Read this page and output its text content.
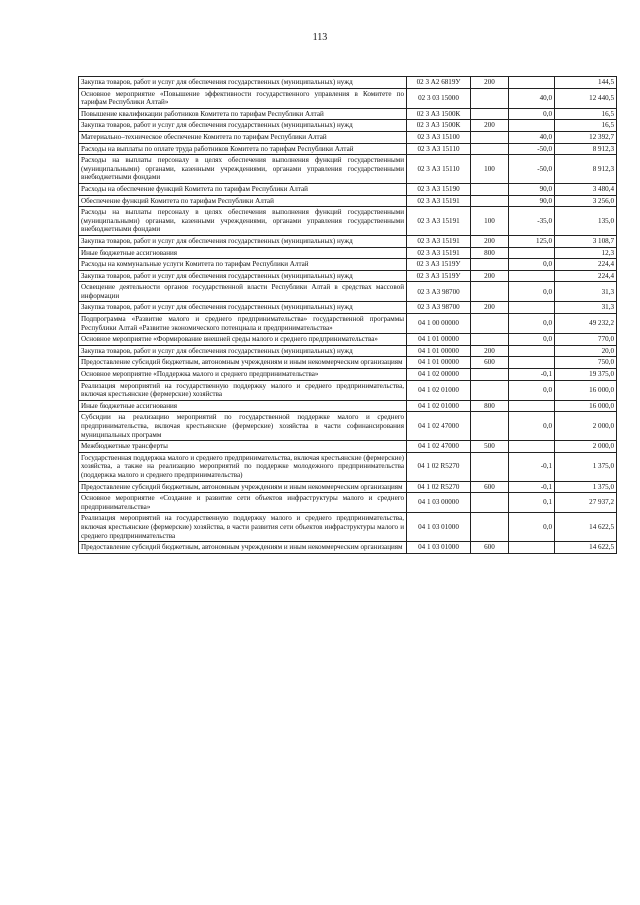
113
Закупка товаров, работ и услуг для обеспечения государственных (муниципальных) нужд	02 3 А2 6819У	200		144,5
Основное мероприятие «Повышение эффективности государственного управления в Комитете по тарифам Республики Алтай»	02 3 03 15000		40,0	12 440,5
Повышение квалификации работников Комитета по тарифам Республики Алтай	02 3 А3 1500К		0,0	16,5
Закупка товаров, работ и услуг для обеспечения государственных (муниципальных) нужд	02 3 А3 1500К	200		16,5
Материально–техническое обеспечение Комитета по тарифам Республики Алтай	02 3 А3 15100		40,0	12 392,7
Расходы на выплаты по оплате труда работников Комитета по тарифам Республики Алтай	02 3 А3 15110		-50,0	8 912,3
Расходы на выплаты персоналу в целях обеспечения выполнения функций государственными (муниципальными) органами, казенными учреждениями, органами управления государственными внебюджетными фондами	02 3 А3 15110	100	-50,0	8 912,3
Расходы на обеспечение функций Комитета по тарифам Республики Алтай	02 3 А3 15190		90,0	3 480,4
Обеспечение функций Комитета по тарифам Республики Алтай	02 3 А3 15191		90,0	3 256,0
Расходы на выплаты персоналу в целях обеспечения выполнения функций государственными (муниципальными) органами, казенными учреждениями, органами управления государственными внебюджетными фондами	02 3 А3 15191	100	-35,0	135,0
Закупка товаров, работ и услуг для обеспечения государственных (муниципальных) нужд	02 3 А3 15191	200	125,0	3 108,7
Иные бюджетные ассигнования	02 3 А3 15191	800		12,3
Расходы на коммунальные услуги Комитета по тарифам Республики Алтай	02 3 А3 1519У		0,0	224,4
Закупка товаров, работ и услуг для обеспечения государственных (муниципальных) нужд	02 3 А3 1519У	200		224,4
Освещение деятельности органов государственной власти Республики Алтай в средствах массовой информации	02 3 А3 98700		0,0	31,3
Закупка товаров, работ и услуг для обеспечения государственных (муниципальных) нужд	02 3 А3 98700	200		31,3
Подпрограмма «Развитие малого и среднего предпринимательства» государственной программы Республики Алтай «Развитие экономического потенциала и предпринимательства»	04 1 00 00000		0,0	49 232,2
Основное мероприятие «Формирование внешней среды малого и среднего предпринимательства»	04 1 01 00000		0,0	770,0
Закупка товаров, работ и услуг для обеспечения государственных (муниципальных) нужд	04 1 01 00000	200		20,0
Предоставление субсидий бюджетным, автономным учреждениям и иным некоммерческим организациям	04 1 01 00000	600		750,0
Основное мероприятие «Поддержка малого и среднего предпринимательства»	04 1 02 00000		-0,1	19 375,0
Реализация мероприятий на государственную поддержку малого и среднего предпринимательства, включая крестьянские (фермерские) хозяйства	04 1 02 01000		0,0	16 000,0
Иные бюджетные ассигнования	04 1 02 01000	800		16 000,0
Субсидии на реализацию мероприятий по государственной поддержке малого и среднего предпринимательства, включая крестьянские (фермерские) хозяйства в части софинансирования муниципальных программ	04 1 02 47000		0,0	2 000,0
Межбюджетные трансферты	04 1 02 47000	500		2 000,0
Государственная поддержка малого и среднего предпринимательства, включая крестьянские (фермерские) хозяйства, а также на реализацию мероприятий по поддержке молодежного предпринимательства (поддержка малого и среднего предпринимательства)	04 1 02 R5270		-0,1	1 375,0
Предоставление субсидий бюджетным, автономным учреждениям и иным некоммерческим организациям	04 1 02 R5270	600	-0,1	1 375,0
Основное мероприятие «Создание и развитие сети объектов инфраструктуры малого и среднего предпринимательства»	04 1 03 00000		0,1	27 937,2
Реализация мероприятий на государственную поддержку малого и среднего предпринимательства, включая крестьянские (фермерские) хозяйства, в части развития сети объектов инфраструктуры малого и среднего предпринимательства	04 1 03 01000		0,0	14 622,5
Предоставление субсидий бюджетным, автономным учреждениям и иным некоммерческим организациям	04 1 03 01000	600		14 622,5
